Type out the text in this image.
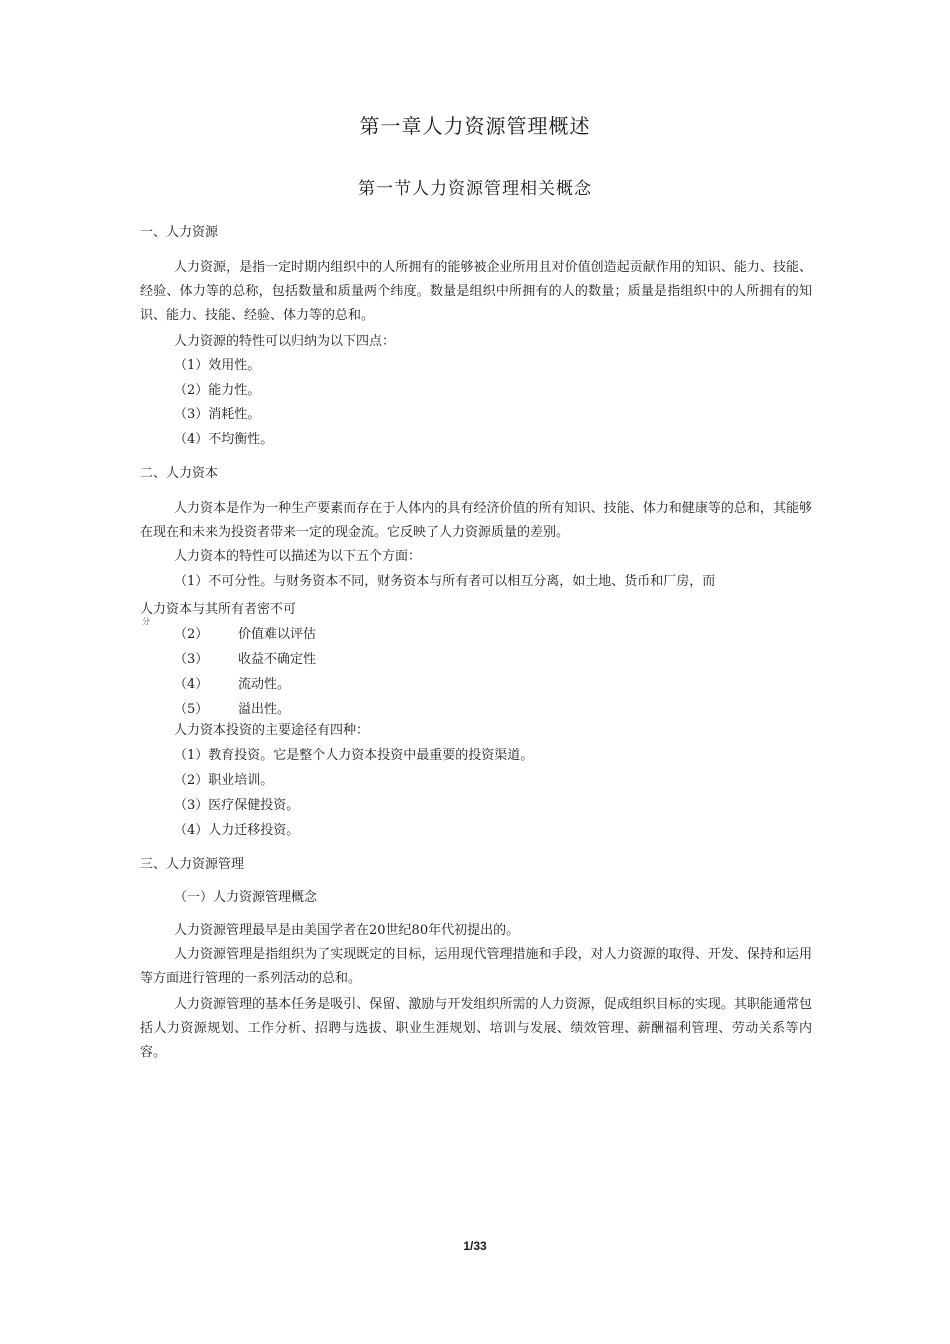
第一章人力资源管理概述
第一节人力资源管理相关概念
一、人力资源
人力资源，是指一定时期内组织中的人所拥有的能够被企业所用且对价值创造起贡献作用的知识、能力、技能、经验、体力等的总称，包括数量和质量两个纬度。数量是组织中所拥有的人的数量；质量是指组织中的人所拥有的知识、能力、技能、经验、体力等的总和。
人力资源的特性可以归纳为以下四点：
（1）效用性。
（2）能力性。
（3）消耗性。
（4）不均衡性。
二、人力资本
人力资本是作为一种生产要素而存在于人体内的具有经济价值的所有知识、技能、体力和健康等的总和，其能够在现在和未来为投资者带来一定的现金流。它反映了人力资源质量的差别。
人力资本的特性可以描述为以下五个方面：
（1）不可分性。与财务资本不同，财务资本与所有者可以相互分离，如土地、货币和厂房，而
人力资本与其所有者密不可
分
（2） 价值难以评估
（3） 收益不确定性
（4） 流动性。
（5） 溢出性。
人力资本投资的主要途径有四种：
（1）教育投资。它是整个人力资本投资中最重要的投资渠道。
（2）职业培训。
（3）医疗保健投资。
（4）人力迁移投资。
三、人力资源管理
（一）人力资源管理概念
人力资源管理最早是由美国学者在20世纪80年代初提出的。
人力资源管理是指组织为了实现既定的目标，运用现代管理措施和手段，对人力资源的取得、开发、保持和运用等方面进行管理的一系列活动的总和。
人力资源管理的基本任务是吸引、保留、激励与开发组织所需的人力资源，促成组织目标的实现。其职能通常包括人力资源规划、工作分析、招聘与选拔、职业生涯规划、培训与发展、绩效管理、薪酬福利管理、劳动关系等内容。
1/33
